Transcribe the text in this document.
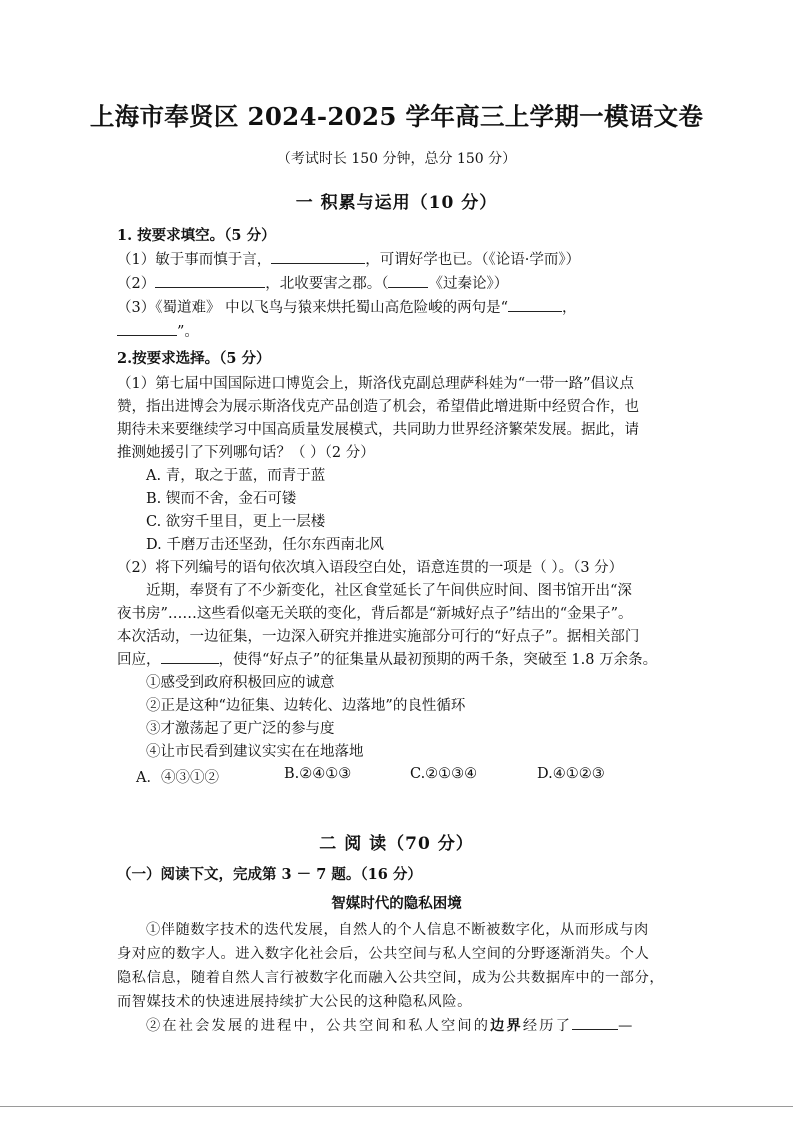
上海市奉贤区 2024-2025 学年高三上学期一模语文卷
（考试时长 150 分钟，总分 150 分）
一 积累与运用（10 分）
1. 按要求填空。（5 分）
（1）敏于事而慎于言，	，可谓好学也已。（《论语·学而》）
（2）	，北收要害之郡。（	《过秦论》）
（3）《蜀道难》 中以飞鸟与猿来烘托蜀山高危险峻的两句是“	，
”。
2.按要求选择。（5 分）
（1）第七届中国国际进口博览会上，斯洛伐克副总理萨科娃为“一带一路”倡议点
赞，指出进博会为展示斯洛伐克产品创造了机会，希望借此增进斯中经贸合作，也
期待未来要继续学习中国高质量发展模式，共同助力世界经济繁荣发展。据此，请
推测她援引了下列哪句话？（ ）（2 分）
A. 青，取之于蓝，而青于蓝
B. 锲而不舍，金石可镂
C. 欲穷千里目，更上一层楼
D. 千磨万击还坚劲，任尔东西南北风
（2）将下列编号的语句依次填入语段空白处，语意连贯的一项是（ ）。（3 分）
近期，奉贤有了不少新变化，社区食堂延长了午间供应时间、图书馆开出“深
夜书房”……这些看似毫无关联的变化，背后都是“新城好点子”结出的“金果子”。
本次活动，一边征集，一边深入研究并推进实施部分可行的“好点子”。据相关部门
回应，	，使得“好点子”的征集量从最初预期的两千条，突破至 1.8 万余条。
①感受到政府积极回应的诚意
②正是这种“边征集、边转化、边落地”的良性循环
③才激荡起了更广泛的参与度
④让市民看到建议实实在在地落地
A．④③①②	B.②④①③	C.②①③④	D.④①②③
二 阅 读（70 分）
（一）阅读下文，完成第 3 － 7 题。（16 分）
智媒时代的隐私困境
①伴随数字技术的迭代发展，自然人的个人信息不断被数字化，从而形成与肉
身对应的数字人。进入数字化社会后，公共空间与私人空间的分野逐渐消失。个人
隐私信息，随着自然人言行被数字化而融入公共空间，成为公共数据库中的一部分，
而智媒技术的快速进展持续扩大公民的这种隐私风险。
②在社会发展的进程中，公共空间和私人空间的边界经历了	—
